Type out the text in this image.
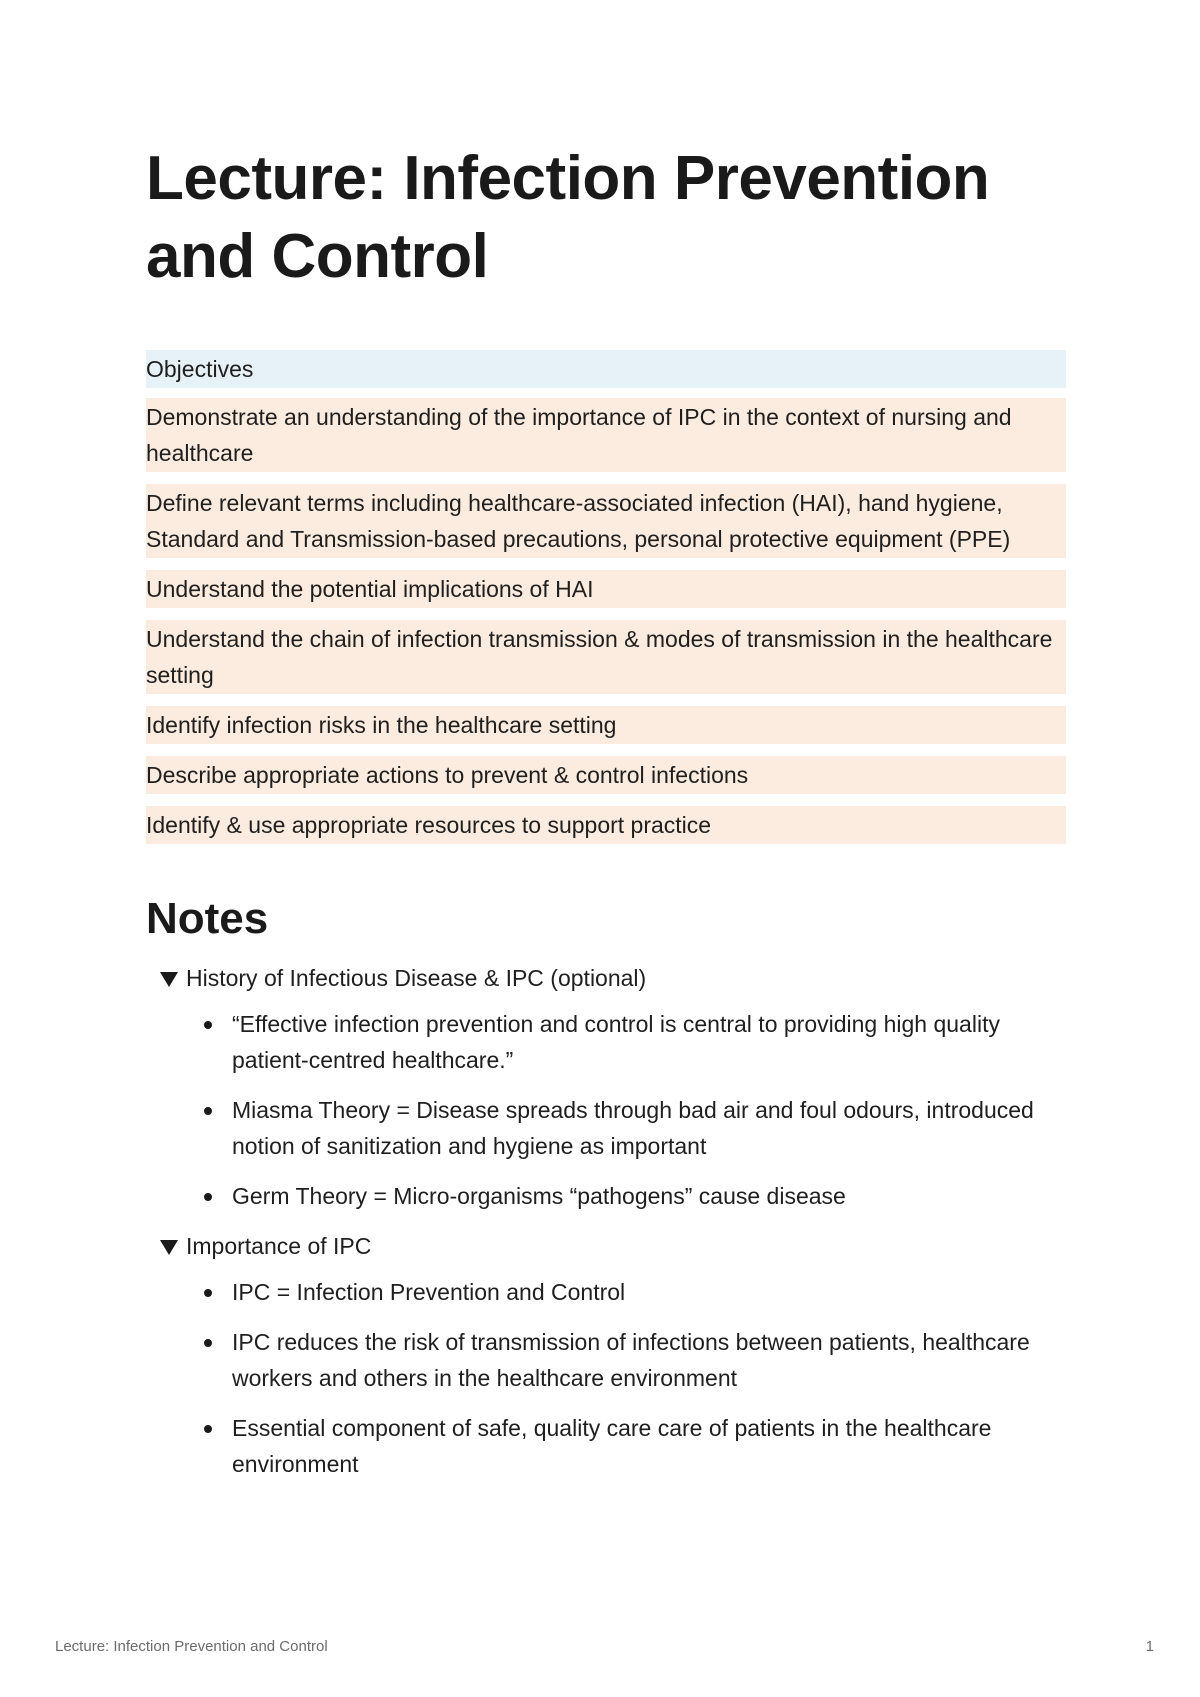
Lecture: Infection Prevention and Control
Objectives
Demonstrate an understanding of the importance of IPC in the context of nursing and healthcare
Define relevant terms including healthcare-associated infection (HAI), hand hygiene, Standard and Transmission-based precautions, personal protective equipment (PPE)
Understand the potential implications of HAI
Understand the chain of infection transmission & modes of transmission in the healthcare setting
Identify infection risks in the healthcare setting
Describe appropriate actions to prevent & control infections
Identify & use appropriate resources to support practice
Notes
History of Infectious Disease & IPC (optional)
“Effective infection prevention and control is central to providing high quality patient-centred healthcare.”
Miasma Theory = Disease spreads through bad air and foul odours, introduced notion of sanitization and hygiene as important
Germ Theory = Micro-organisms “pathogens” cause disease
Importance of IPC
IPC = Infection Prevention and Control
IPC reduces the risk of transmission of infections between patients, healthcare workers and others in the healthcare environment
Essential component of safe, quality care care of patients in the healthcare environment
Lecture: Infection Prevention and Control	1
